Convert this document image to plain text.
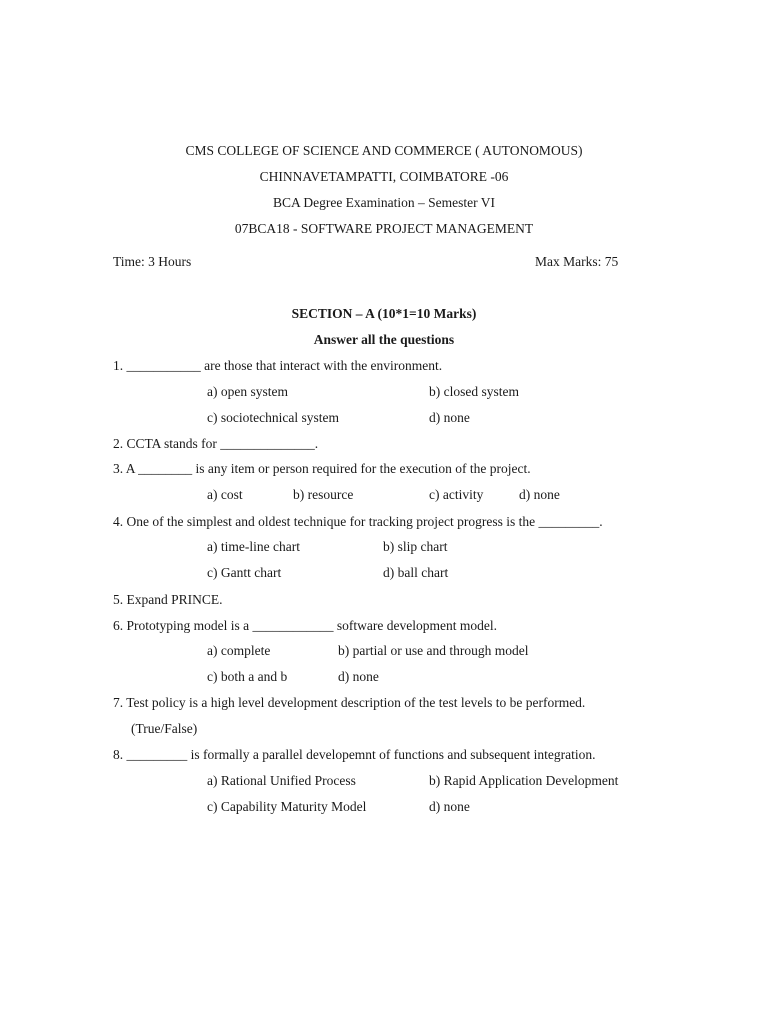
CMS COLLEGE OF SCIENCE AND COMMERCE ( AUTONOMOUS)
CHINNAVETAMPATTI, COIMBATORE -06
BCA Degree Examination – Semester VI
07BCA18 - SOFTWARE PROJECT MANAGEMENT
Time: 3 Hours	Max Marks: 75
SECTION – A (10*1=10 Marks)
Answer all the questions
1. ___________ are those that interact with the environment.
a) open system	b) closed system
c) sociotechnical system	d) none
2. CCTA stands for ______________.
3. A ________ is any item or person required for the execution of the project.
a) cost	b) resource	c) activity	d) none
4. One of the simplest and oldest technique for tracking project progress is the _________.
a) time-line chart	b) slip chart
c) Gantt chart	d) ball chart
5. Expand PRINCE.
6. Prototyping model is a ____________ software development model.
a) complete	b) partial or use and through model
c) both a and b	d) none
7. Test policy is a high level development description of the test levels to be performed.
(True/False)
8. _________ is formally a parallel developemnt of functions and subsequent integration.
a) Rational Unified Process	b) Rapid Application Development
c) Capability Maturity Model	d) none
